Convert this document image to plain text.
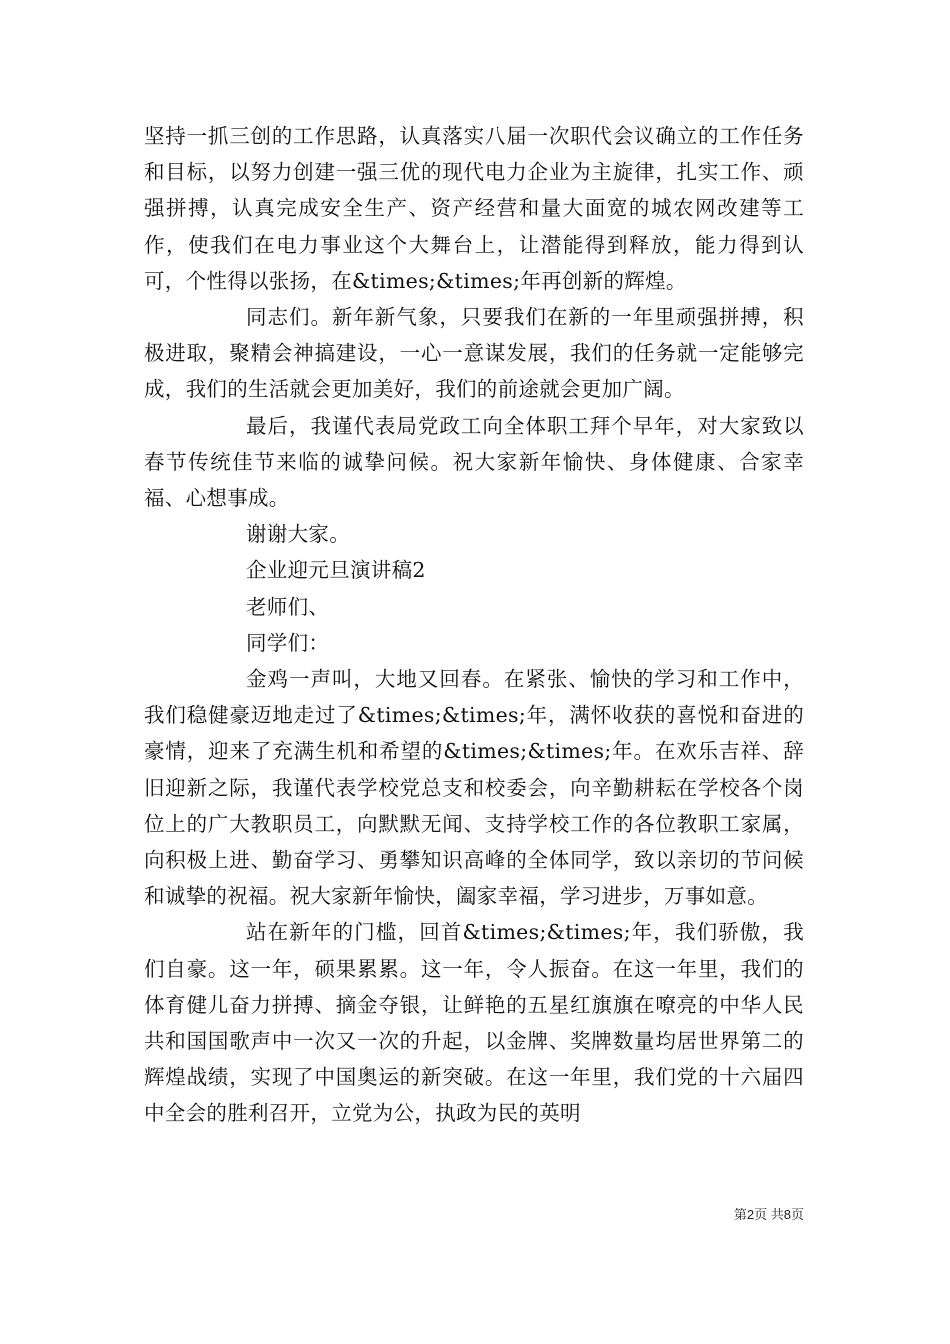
坚持一抓三创的工作思路，认真落实八届一次职代会议确立的工作任务和目标，以努力创建一强三优的现代电力企业为主旋律，扎实工作、顽强拼搏，认真完成安全生产、资产经营和量大面宽的城农网改建等工作，使我们在电力事业这个大舞台上，让潜能得到释放，能力得到认可，个性得以张扬，在&times;&times;年再创新的辉煌。

同志们。新年新气象，只要我们在新的一年里顽强拼搏，积极进取，聚精会神搞建设，一心一意谋发展，我们的任务就一定能够完成，我们的生活就会更加美好，我们的前途就会更加广阔。

最后，我谨代表局党政工向全体职工拜个早年，对大家致以春节传统佳节来临的诚挚问候。祝大家新年愉快、身体健康、合家幸福、心想事成。

谢谢大家。

企业迎元旦演讲稿2

老师们、

同学们：

金鸡一声叫，大地又回春。在紧张、愉快的学习和工作中，我们稳健豪迈地走过了&times;&times;年，满怀收获的喜悦和奋进的豪情，迎来了充满生机和希望的&times;&times;年。在欢乐吉祥、辞旧迎新之际，我谨代表学校党总支和校委会，向辛勤耕耘在学校各个岗位上的广大教职员工，向默默无闻、支持学校工作的各位教职工家属，向积极上进、勤奋学习、勇攀知识高峰的全体同学，致以亲切的节问候和诚挚的祝福。祝大家新年愉快，阖家幸福，学习进步，万事如意。

站在新年的门槛，回首&times;&times;年，我们骄傲，我们自豪。这一年，硕果累累。这一年，令人振奋。在这一年里，我们的体育健儿奋力拼搏、摘金夺银，让鲜艳的五星红旗旗在嘹亮的中华人民共和国国歌声中一次又一次的升起，以金牌、奖牌数量均居世界第二的辉煌战绩，实现了中国奥运的新突破。在这一年里，我们党的十六届四中全会的胜利召开，立党为公，执政为民的英明

第2页 共8页
